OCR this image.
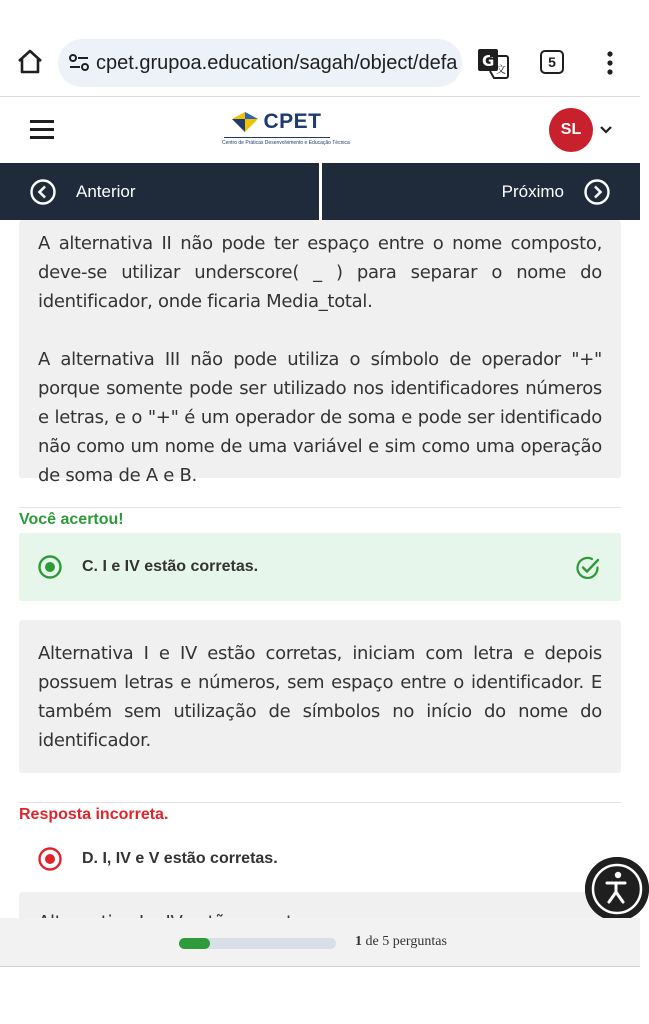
cpet.grupoa.education/sagah/object/defa G
文
5
CPET
Centro de Práticas Desenvolvimento e Educação Técnica
SL
Anterior	Próximo

A alternativa II não pode ter espaço entre o nome composto, deve-se utilizar underscore( _ ) para separar o nome do identificador, onde ficaria Media_total.

A alternativa III não pode utiliza o símbolo de operador "+" porque somente pode ser utilizado nos identificadores números e letras, e o "+" é um operador de soma e pode ser identificado não como um nome de uma variável e sim como uma operação de soma de A e B.

Você acertou!
C. I e IV estão corretas.

Alternativa I e IV estão corretas, iniciam com letra e depois possuem letras e números, sem espaço entre o identificador. E também sem utilização de símbolos no início do nome do identificador.

Resposta incorreta.
D. I, IV e V estão corretas.

1 de 5 perguntas
